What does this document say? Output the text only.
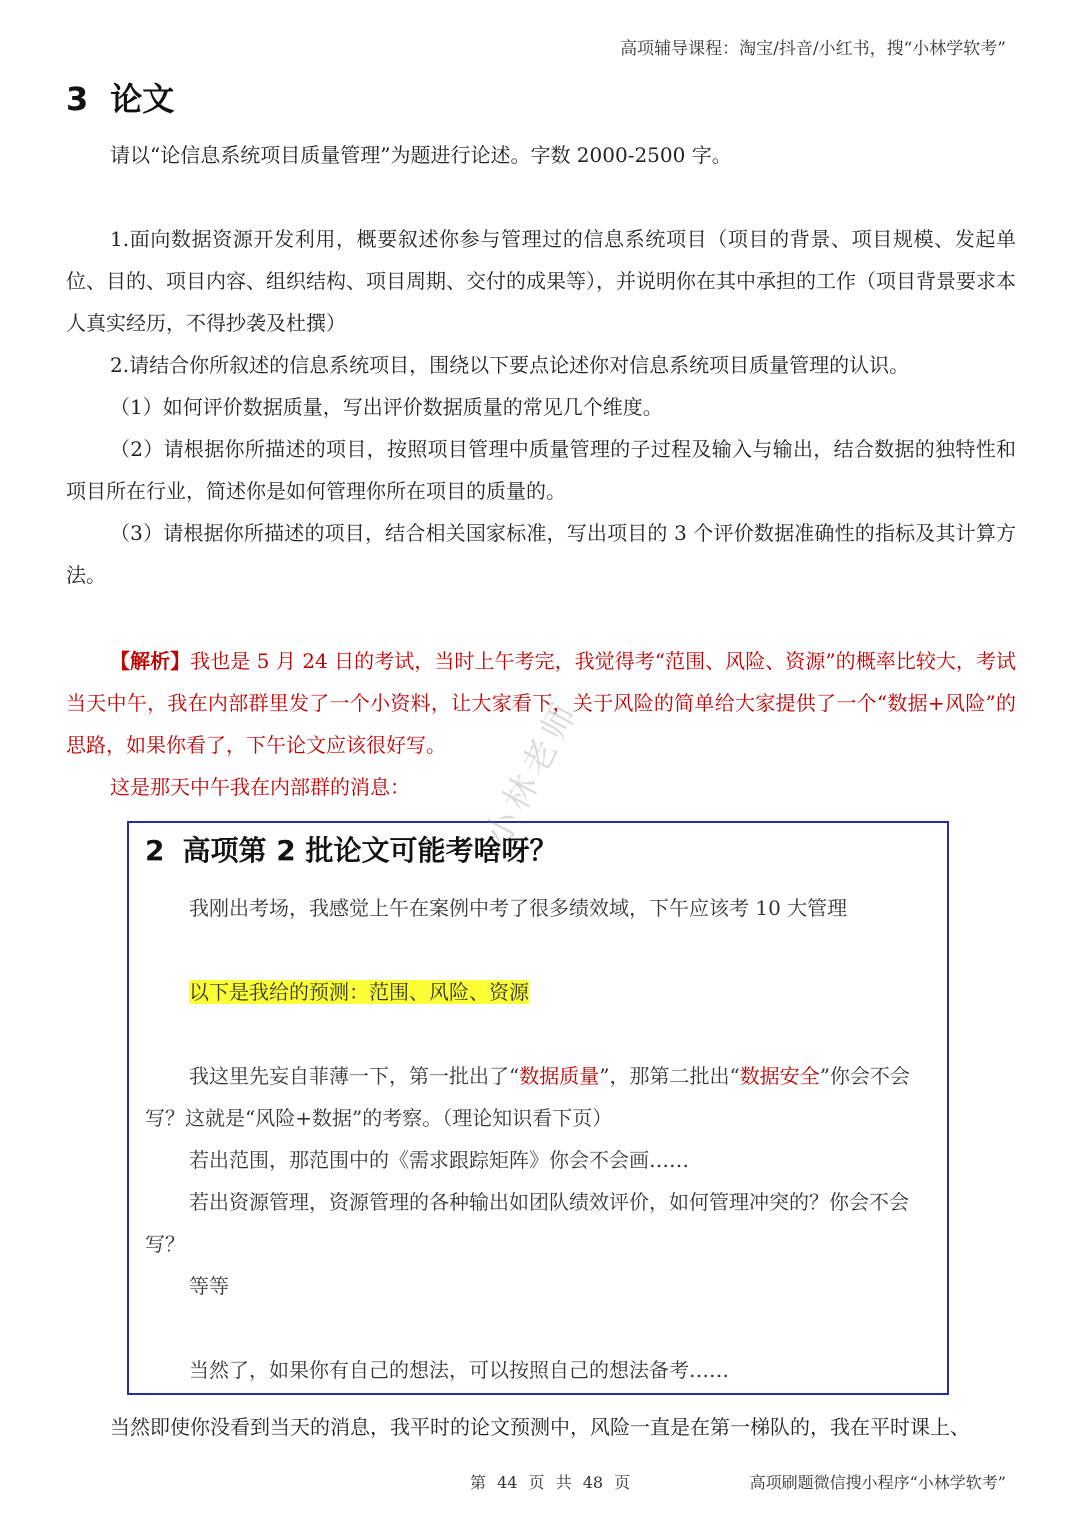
高项辅导课程：淘宝/抖音/小红书，搜“小林学软考”
3 论文
请以“论信息系统项目质量管理”为题进行论述。字数 2000-2500 字。
1.面向数据资源开发利用，概要叙述你参与管理过的信息系统项目（项目的背景、项目规模、发起单位、目的、项目内容、组织结构、项目周期、交付的成果等），并说明你在其中承担的工作（项目背景要求本人真实经历，不得抄袭及杜撰）
2.请结合你所叙述的信息系统项目，围绕以下要点论述你对信息系统项目质量管理的认识。
（1）如何评价数据质量，写出评价数据质量的常见几个维度。
（2）请根据你所描述的项目，按照项目管理中质量管理的子过程及输入与输出，结合数据的独特性和项目所在行业，简述你是如何管理你所在项目的质量的。
（3）请根据你所描述的项目，结合相关国家标准，写出项目的 3 个评价数据准确性的指标及其计算方法。
【解析】我也是 5 月 24 日的考试，当时上午考完，我觉得考“范围、风险、资源”的概率比较大，考试当天中午，我在内部群里发了一个小资料，让大家看下，关于风险的简单给大家提供了一个“数据+风险”的思路，如果你看了，下午论文应该很好写。
这是那天中午我在内部群的消息：
2 高项第 2 批论文可能考啥呀？
我刚出考场，我感觉上午在案例中考了很多绩效域，下午应该考 10 大管理
以下是我给的预测：范围、风险、资源
我这里先妄自菲薄一下，第一批出了“数据质量”，那第二批出“数据安全”你会不会写？这就是“风险+数据”的考察。（理论知识看下页）
若出范围，那范围中的《需求跟踪矩阵》你会不会画……
若出资源管理，资源管理的各种输出如团队绩效评价，如何管理冲突的？你会不会写？
等等
当然了，如果你有自己的想法，可以按照自己的想法备考……
小林老师
当然即使你没看到当天的消息，我平时的论文预测中，风险一直是在第一梯队的，我在平时课上、
第 44 页 共 48 页	高项刷题微信搜小程序“小林学软考”
